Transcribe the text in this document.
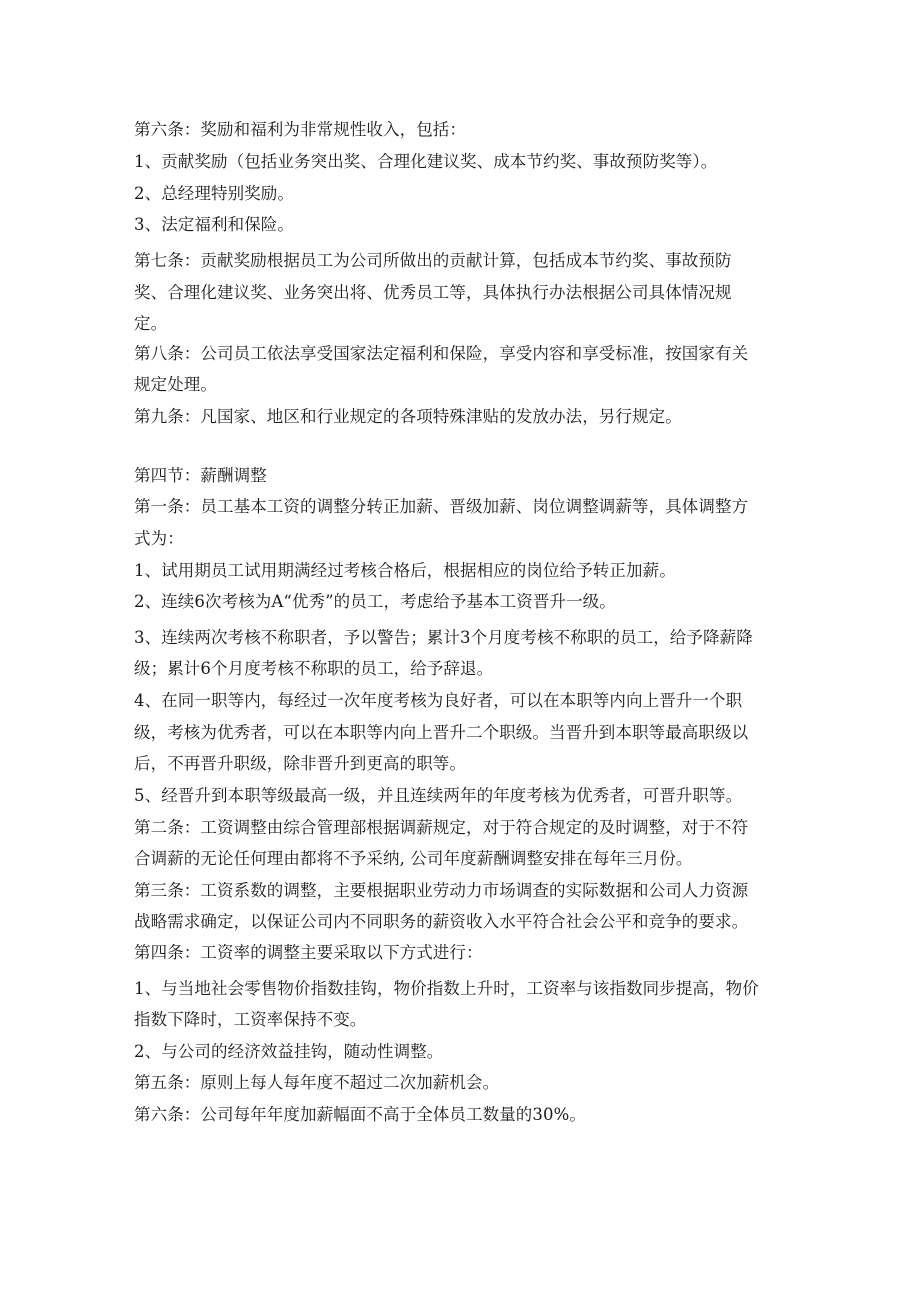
第六条：奖励和福利为非常规性收入，包括：
1、贡献奖励（包括业务突出奖、合理化建议奖、成本节约奖、事故预防奖等）。
2、总经理特别奖励。
3、法定福利和保险。
第七条：贡献奖励根据员工为公司所做出的贡献计算，包括成本节约奖、事故预防
奖、合理化建议奖、业务突出将、优秀员工等，具体执行办法根据公司具体情况规
定。
第八条：公司员工依法享受国家法定福利和保险，享受内容和享受标准，按国家有关
规定处理。
第九条：凡国家、地区和行业规定的各项特殊津贴的发放办法，另行规定。
第四节：薪酬调整
第一条：员工基本工资的调整分转正加薪、晋级加薪、岗位调整调薪等，具体调整方
式为：
1、试用期员工试用期满经过考核合格后，根据相应的岗位给予转正加薪。
2、连续6次考核为A“优秀”的员工，考虑给予基本工资晋升一级。
3、连续两次考核不称职者，予以警告；累计3个月度考核不称职的员工，给予降薪降
级；累计6个月度考核不称职的员工，给予辞退。
4、在同一职等内，每经过一次年度考核为良好者，可以在本职等内向上晋升一个职
级，考核为优秀者，可以在本职等内向上晋升二个职级。当晋升到本职等最高职级以
后，不再晋升职级，除非晋升到更高的职等。
5、经晋升到本职等级最高一级，并且连续两年的年度考核为优秀者，可晋升职等。
第二条：工资调整由综合管理部根据调薪规定，对于符合规定的及时调整，对于不符
合调薪的无论任何理由都将不予采纳, 公司年度薪酬调整安排在每年三月份。
第三条：工资系数的调整，主要根据职业劳动力市场调查的实际数据和公司人力资源
战略需求确定，以保证公司内不同职务的薪资收入水平符合社会公平和竞争的要求。
第四条：工资率的调整主要采取以下方式进行：
1、与当地社会零售物价指数挂钩，物价指数上升时，工资率与该指数同步提高，物价
指数下降时，工资率保持不变。
2、与公司的经济效益挂钩，随动性调整。
第五条：原则上每人每年度不超过二次加薪机会。
第六条：公司每年年度加薪幅面不高于全体员工数量的30%。
